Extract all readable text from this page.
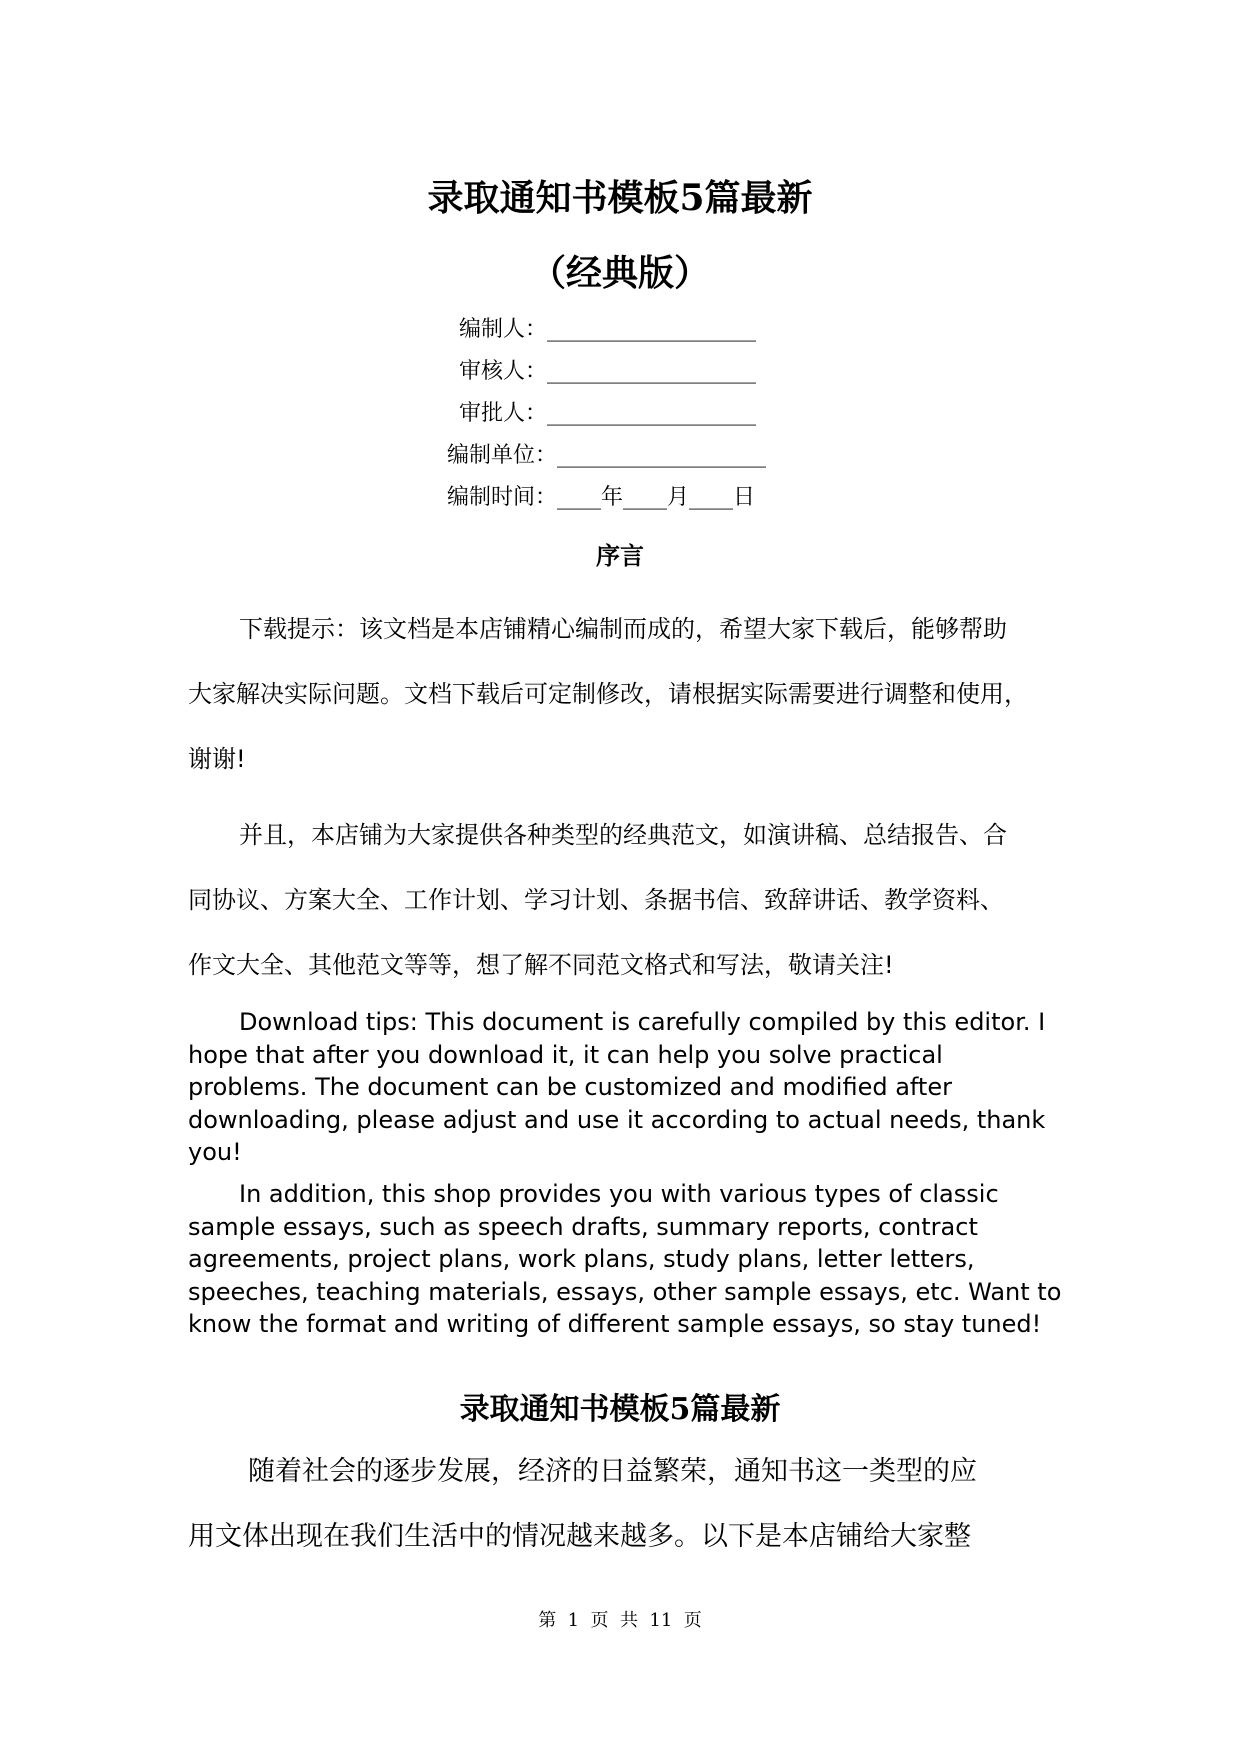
录取通知书模板5篇最新
（经典版）
编制人：___________________
审核人：___________________
审批人：___________________
编制单位：___________________
编制时间：____年____月____日
序言
下载提示：该文档是本店铺精心编制而成的，希望大家下载后，能够帮助
大家解决实际问题。文档下载后可定制修改，请根据实际需要进行调整和使用，
谢谢!
并且，本店铺为大家提供各种类型的经典范文，如演讲稿、总结报告、合
同协议、方案大全、工作计划、学习计划、条据书信、致辞讲话、教学资料、
作文大全、其他范文等等，想了解不同范文格式和写法，敬请关注!
Download tips: This document is carefully compiled by this editor. I hope that after you download it, it can help you solve practical problems. The document can be customized and modified after downloading, please adjust and use it according to actual needs, thank you!
In addition, this shop provides you with various types of classic sample essays, such as speech drafts, summary reports, contract agreements, project plans, work plans, study plans, letter letters, speeches, teaching materials, essays, other sample essays, etc. Want to know the format and writing of different sample essays, so stay tuned!
录取通知书模板5篇最新
随着社会的逐步发展，经济的日益繁荣，通知书这一类型的应
用文体出现在我们生活中的情况越来越多。以下是本店铺给大家整
第  1  页  共  11  页
